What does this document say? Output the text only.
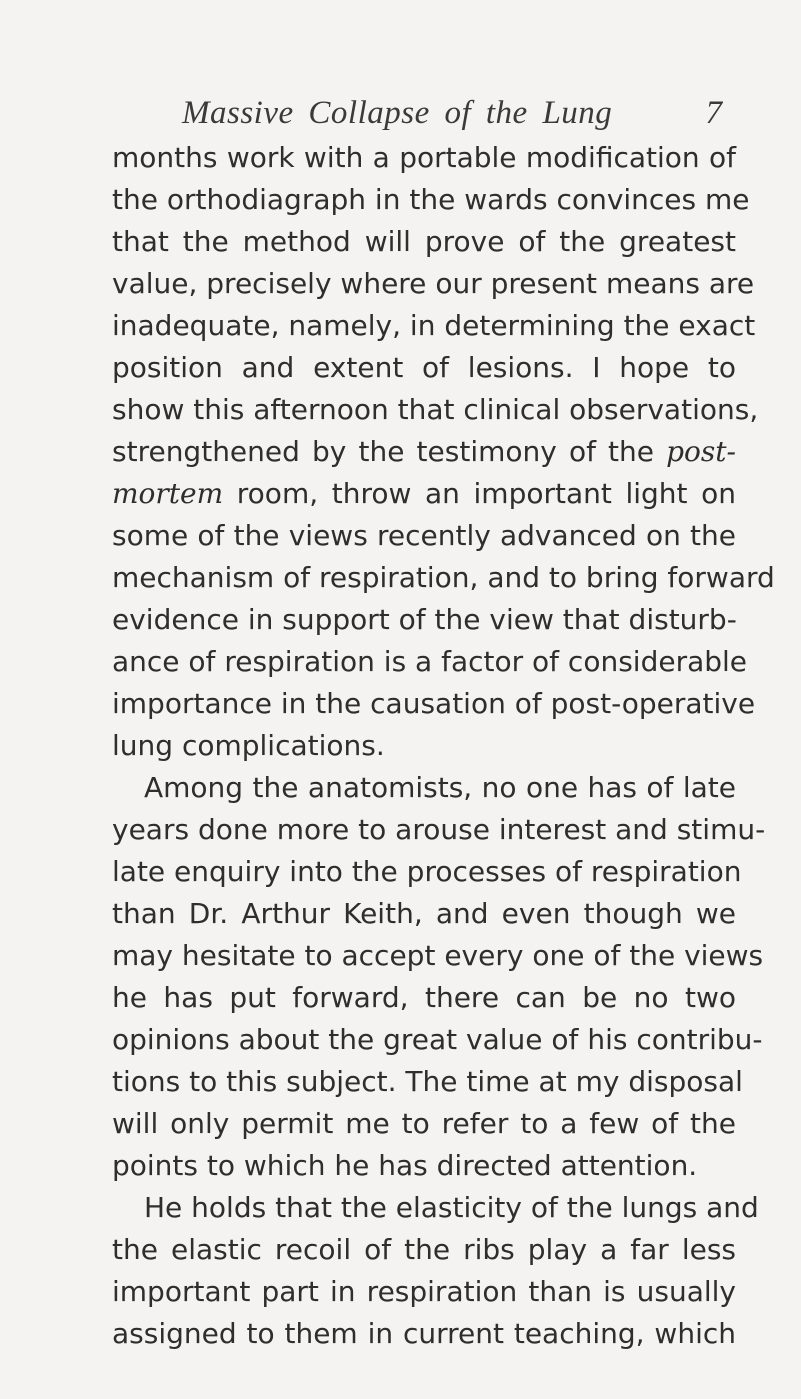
Massive Collapse of the Lung	7
months work with a portable modification of
the orthodiagraph in the wards convinces me
that the method will prove of the greatest
value, precisely where our present means are
inadequate, namely, in determining the exact
position and extent of lesions. I hope to
show this afternoon that clinical observations,
strengthened by the testimony of the post-
mortem room, throw an important light on
some of the views recently advanced on the
mechanism of respiration, and to bring forward
evidence in support of the view that disturb-
ance of respiration is a factor of considerable
importance in the causation of post-operative
lung complications.
Among the anatomists, no one has of late
years done more to arouse interest and stimu-
late enquiry into the processes of respiration
than Dr. Arthur Keith, and even though we
may hesitate to accept every one of the views
he has put forward, there can be no two
opinions about the great value of his contribu-
tions to this subject. The time at my disposal
will only permit me to refer to a few of the
points to which he has directed attention.
He holds that the elasticity of the lungs and
the elastic recoil of the ribs play a far less
important part in respiration than is usually
assigned to them in current teaching, which
